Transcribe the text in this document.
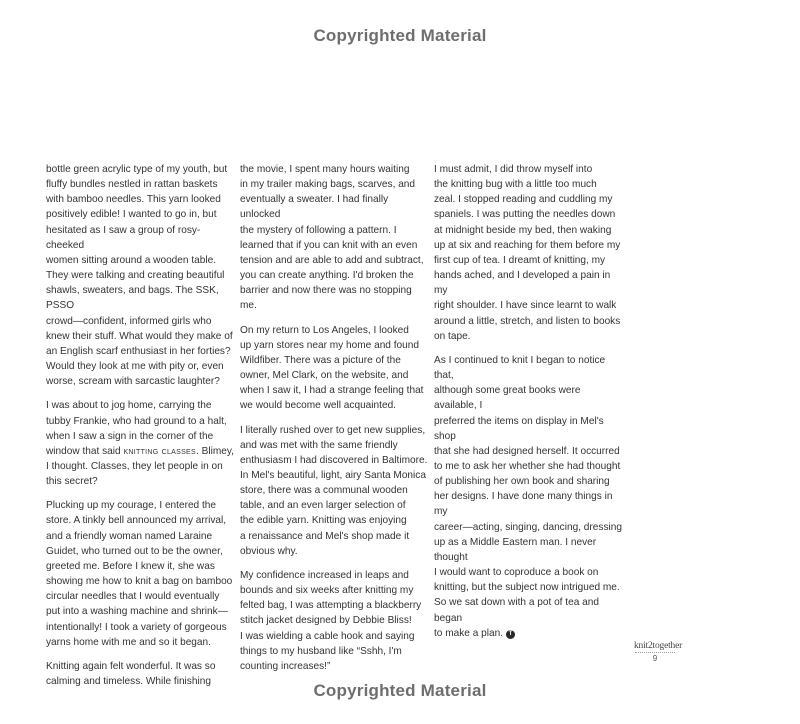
Copyrighted Material

bottle green acrylic type of my youth, but
fluffy bundles nestled in rattan baskets
with bamboo needles. This yarn looked
positively edible! I wanted to go in, but
hesitated as I saw a group of rosy-cheeked
women sitting around a wooden table.
They were talking and creating beautiful
shawls, sweaters, and bags. The SSK, PSSO
crowd—confident, informed girls who
knew their stuff. What would they make of
an English scarf enthusiast in her forties?
Would they look at me with pity or, even
worse, scream with sarcastic laughter?

I was about to jog home, carrying the
tubby Frankie, who had ground to a halt,
when I saw a sign in the corner of the
window that said knitting classes. Blimey,
I thought. Classes, they let people in on
this secret?

Plucking up my courage, I entered the
store. A tinkly bell announced my arrival,
and a friendly woman named Laraine
Guidet, who turned out to be the owner,
greeted me. Before I knew it, she was
showing me how to knit a bag on bamboo
circular needles that I would eventually
put into a washing machine and shrink—
intentionally! I took a variety of gorgeous
yarns home with me and so it began.

Knitting again felt wonderful. It was so
calming and timeless. While finishing

the movie, I spent many hours waiting
in my trailer making bags, scarves, and
eventually a sweater. I had finally unlocked
the mystery of following a pattern. I
learned that if you can knit with an even
tension and are able to add and subtract,
you can create anything. I'd broken the
barrier and now there was no stopping me.

On my return to Los Angeles, I looked
up yarn stores near my home and found
Wildfiber. There was a picture of the
owner, Mel Clark, on the website, and
when I saw it, I had a strange feeling that
we would become well acquainted.

I literally rushed over to get new supplies,
and was met with the same friendly
enthusiasm I had discovered in Baltimore.
In Mel's beautiful, light, airy Santa Monica
store, there was a communal wooden
table, and an even larger selection of
the edible yarn. Knitting was enjoying
a renaissance and Mel's shop made it
obvious why.

My confidence increased in leaps and
bounds and six weeks after knitting my
felted bag, I was attempting a blackberry
stitch jacket designed by Debbie Bliss!
I was wielding a cable hook and saying
things to my husband like “Sshh, I'm
counting increases!”

I must admit, I did throw myself into
the knitting bug with a little too much
zeal. I stopped reading and cuddling my
spaniels. I was putting the needles down
at midnight beside my bed, then waking
up at six and reaching for them before my
first cup of tea. I dreamt of knitting, my
hands ached, and I developed a pain in my
right shoulder. I have since learnt to walk
around a little, stretch, and listen to books
on tape.

As I continued to knit I began to notice that,
although some great books were available, I
preferred the items on display in Mel's shop
that she had designed herself. It occurred
to me to ask her whether she had thought
of publishing her own book and sharing
her designs. I have done many things in my
career—acting, singing, dancing, dressing
up as a Middle Eastern man. I never thought
I would want to coproduce a book on
knitting, but the subject now intrigued me.
So we sat down with a pot of tea and began
to make a plan. T

knit2together
9
Copyrighted Material
